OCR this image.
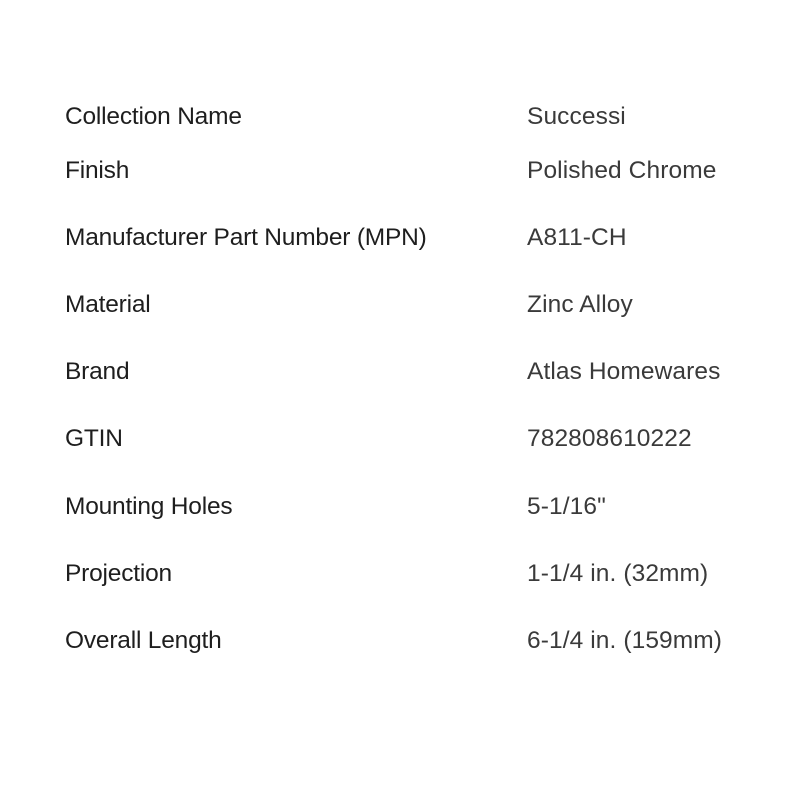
Collection Name	Successi
Finish	Polished Chrome
Manufacturer Part Number (MPN)	A811-CH
Material	Zinc Alloy
Brand	Atlas Homewares
GTIN	782808610222
Mounting Holes	5-1/16"
Projection	1-1/4 in. (32mm)
Overall Length	6-1/4 in. (159mm)
